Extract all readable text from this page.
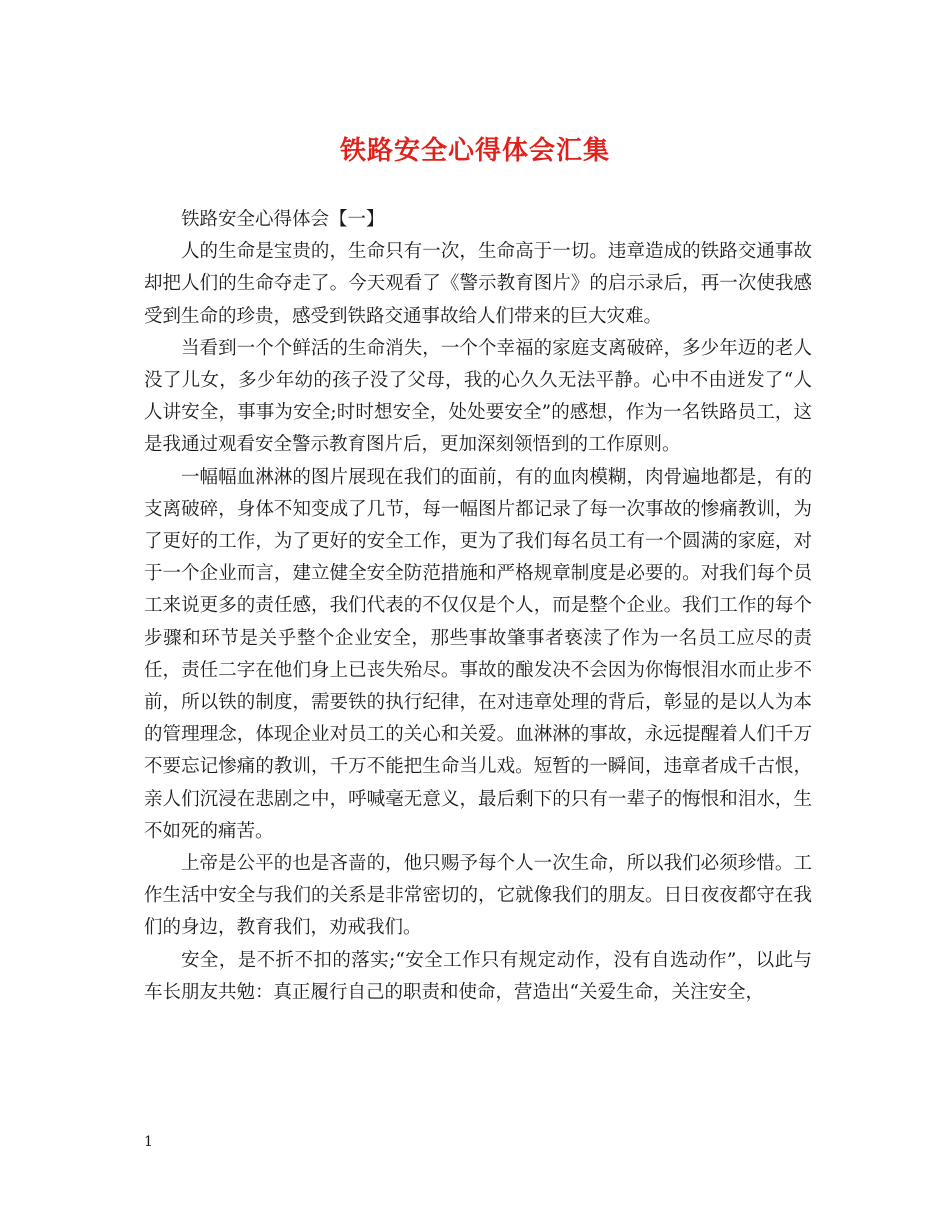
铁路安全心得体会汇集

铁路安全心得体会【一】

人的生命是宝贵的，生命只有一次，生命高于一切。违章造成的铁路交通事故却把人们的生命夺走了。今天观看了《警示教育图片》的启示录后，再一次使我感受到生命的珍贵，感受到铁路交通事故给人们带来的巨大灾难。

当看到一个个鲜活的生命消失，一个个幸福的家庭支离破碎，多少年迈的老人没了儿女，多少年幼的孩子没了父母，我的心久久无法平静。心中不由迸发了“人人讲安全，事事为安全;时时想安全，处处要安全”的感想，作为一名铁路员工，这是我通过观看安全警示教育图片后，更加深刻领悟到的工作原则。

一幅幅血淋淋的图片展现在我们的面前，有的血肉模糊，肉骨遍地都是，有的支离破碎，身体不知变成了几节，每一幅图片都记录了每一次事故的惨痛教训，为了更好的工作，为了更好的安全工作，更为了我们每名员工有一个圆满的家庭，对于一个企业而言，建立健全安全防范措施和严格规章制度是必要的。对我们每个员工来说更多的责任感，我们代表的不仅仅是个人，而是整个企业。我们工作的每个步骤和环节是关乎整个企业安全，那些事故肇事者亵渎了作为一名员工应尽的责任，责任二字在他们身上已丧失殆尽。事故的酿发决不会因为你悔恨泪水而止步不前，所以铁的制度，需要铁的执行纪律，在对违章处理的背后，彰显的是以人为本的管理理念，体现企业对员工的关心和关爱。血淋淋的事故，永远提醒着人们千万不要忘记惨痛的教训，千万不能把生命当儿戏。短暂的一瞬间，违章者成千古恨，亲人们沉浸在悲剧之中，呼喊毫无意义，最后剩下的只有一辈子的悔恨和泪水，生不如死的痛苦。

上帝是公平的也是吝啬的，他只赐予每个人一次生命，所以我们必须珍惜。工作生活中安全与我们的关系是非常密切的，它就像我们的朋友。日日夜夜都守在我们的身边，教育我们，劝戒我们。

安全，是不折不扣的落实;“安全工作只有规定动作，没有自选动作”，以此与车长朋友共勉：真正履行自己的职责和使命，营造出“关爱生命，关注安全，

1
